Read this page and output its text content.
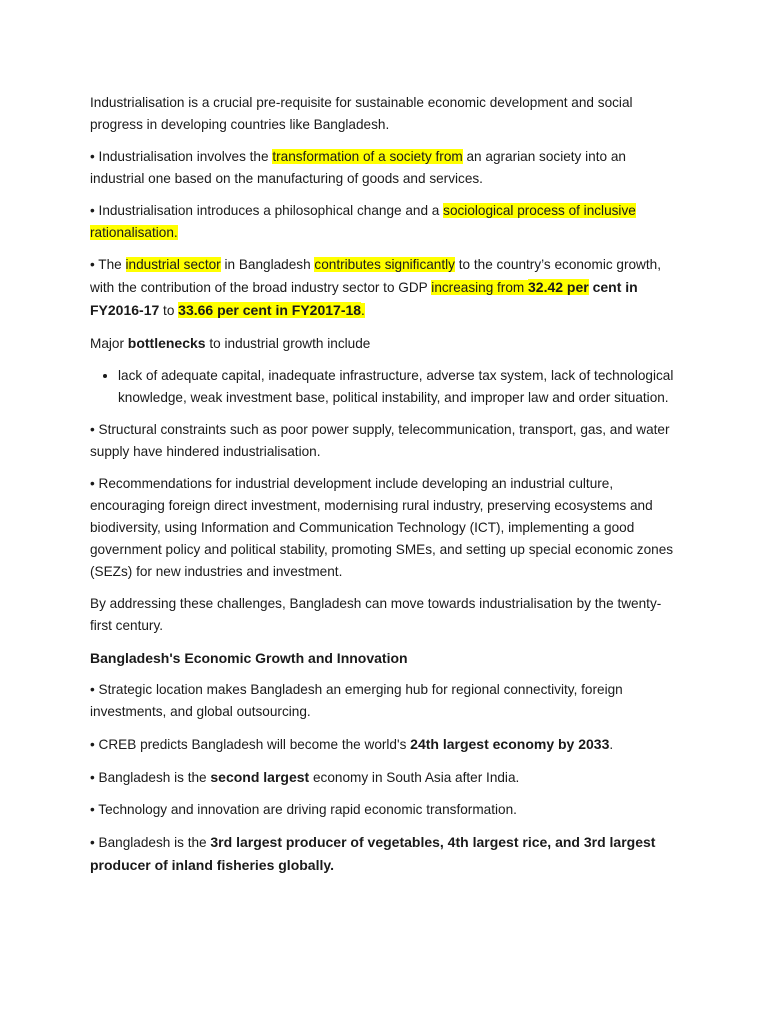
Industrialisation is a crucial pre-requisite for sustainable economic development and social progress in developing countries like Bangladesh.

• Industrialisation involves the transformation of a society from an agrarian society into an industrial one based on the manufacturing of goods and services.

• Industrialisation introduces a philosophical change and a sociological process of inclusive rationalisation.

• The industrial sector in Bangladesh contributes significantly to the country’s economic growth, with the contribution of the broad industry sector to GDP increasing from 32.42 per cent in FY2016-17 to 33.66 per cent in FY2017-18.

Major bottlenecks to industrial growth include

• lack of adequate capital, inadequate infrastructure, adverse tax system, lack of technological knowledge, weak investment base, political instability, and improper law and order situation.

• Structural constraints such as poor power supply, telecommunication, transport, gas, and water supply have hindered industrialisation.

• Recommendations for industrial development include developing an industrial culture, encouraging foreign direct investment, modernising rural industry, preserving ecosystems and biodiversity, using Information and Communication Technology (ICT), implementing a good government policy and political stability, promoting SMEs, and setting up special economic zones (SEZs) for new industries and investment.

By addressing these challenges, Bangladesh can move towards industrialisation by the twenty-first century.

Bangladesh's Economic Growth and Innovation

• Strategic location makes Bangladesh an emerging hub for regional connectivity, foreign investments, and global outsourcing.

• CREB predicts Bangladesh will become the world's 24th largest economy by 2033.

• Bangladesh is the second largest economy in South Asia after India.

• Technology and innovation are driving rapid economic transformation.

• Bangladesh is the 3rd largest producer of vegetables, 4th largest rice, and 3rd largest producer of inland fisheries globally.
